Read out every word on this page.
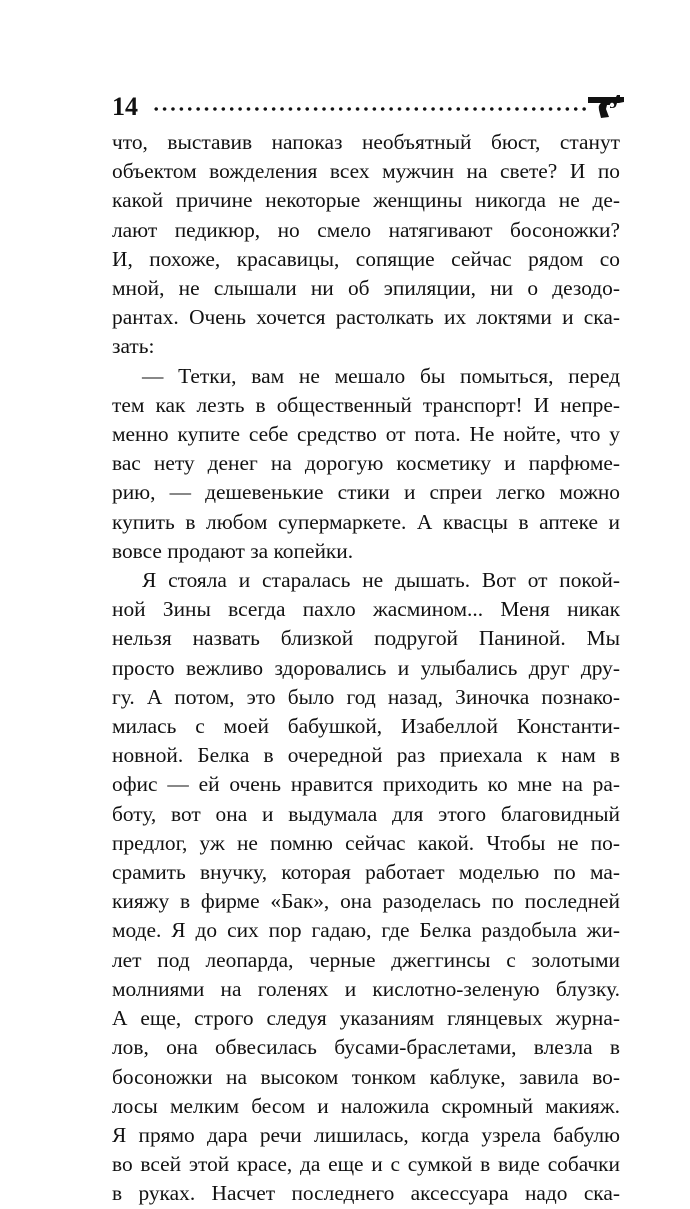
14
что, выставив напоказ необъятный бюст, станут
объектом вожделения всех мужчин на свете? И по
какой причине некоторые женщины никогда не де-
лают педикюр, но смело натягивают босоножки?
И, похоже, красавицы, сопящие сейчас рядом со
мной, не слышали ни об эпиляции, ни о дезодо-
рантах. Очень хочется растолкать их локтями и ска-
зать:
— Тетки, вам не мешало бы помыться, перед
тем как лезть в общественный транспорт! И непре-
менно купите себе средство от пота. Не нойте, что у
вас нету денег на дорогую косметику и парфюме-
рию, — дешевенькие стики и спреи легко можно
купить в любом супермаркете. А квасцы в аптеке и
вовсе продают за копейки.
Я стояла и старалась не дышать. Вот от покой-
ной Зины всегда пахло жасмином... Меня никак
нельзя назвать близкой подругой Паниной. Мы
просто вежливо здоровались и улыбались друг дру-
гу. А потом, это было год назад, Зиночка познако-
милась с моей бабушкой, Изабеллой Константи-
новной. Белка в очередной раз приехала к нам в
офис — ей очень нравится приходить ко мне на ра-
боту, вот она и выдумала для этого благовидный
предлог, уж не помню сейчас какой. Чтобы не по-
срамить внучку, которая работает моделью по ма-
кияжу в фирме «Бак», она разоделась по последней
моде. Я до сих пор гадаю, где Белка раздобыла жи-
лет под леопарда, черные джеггинсы с золотыми
молниями на голенях и кислотно-зеленую блузку.
А еще, строго следуя указаниям глянцевых журна-
лов, она обвесилась бусами-браслетами, влезла в
босоножки на высоком тонком каблуке, завила во-
лосы мелким бесом и наложила скромный макияж.
Я прямо дара речи лишилась, когда узрела бабулю
во всей этой красе, да еще и с сумкой в виде собачки
в руках. Насчет последнего аксессуара надо ска-
